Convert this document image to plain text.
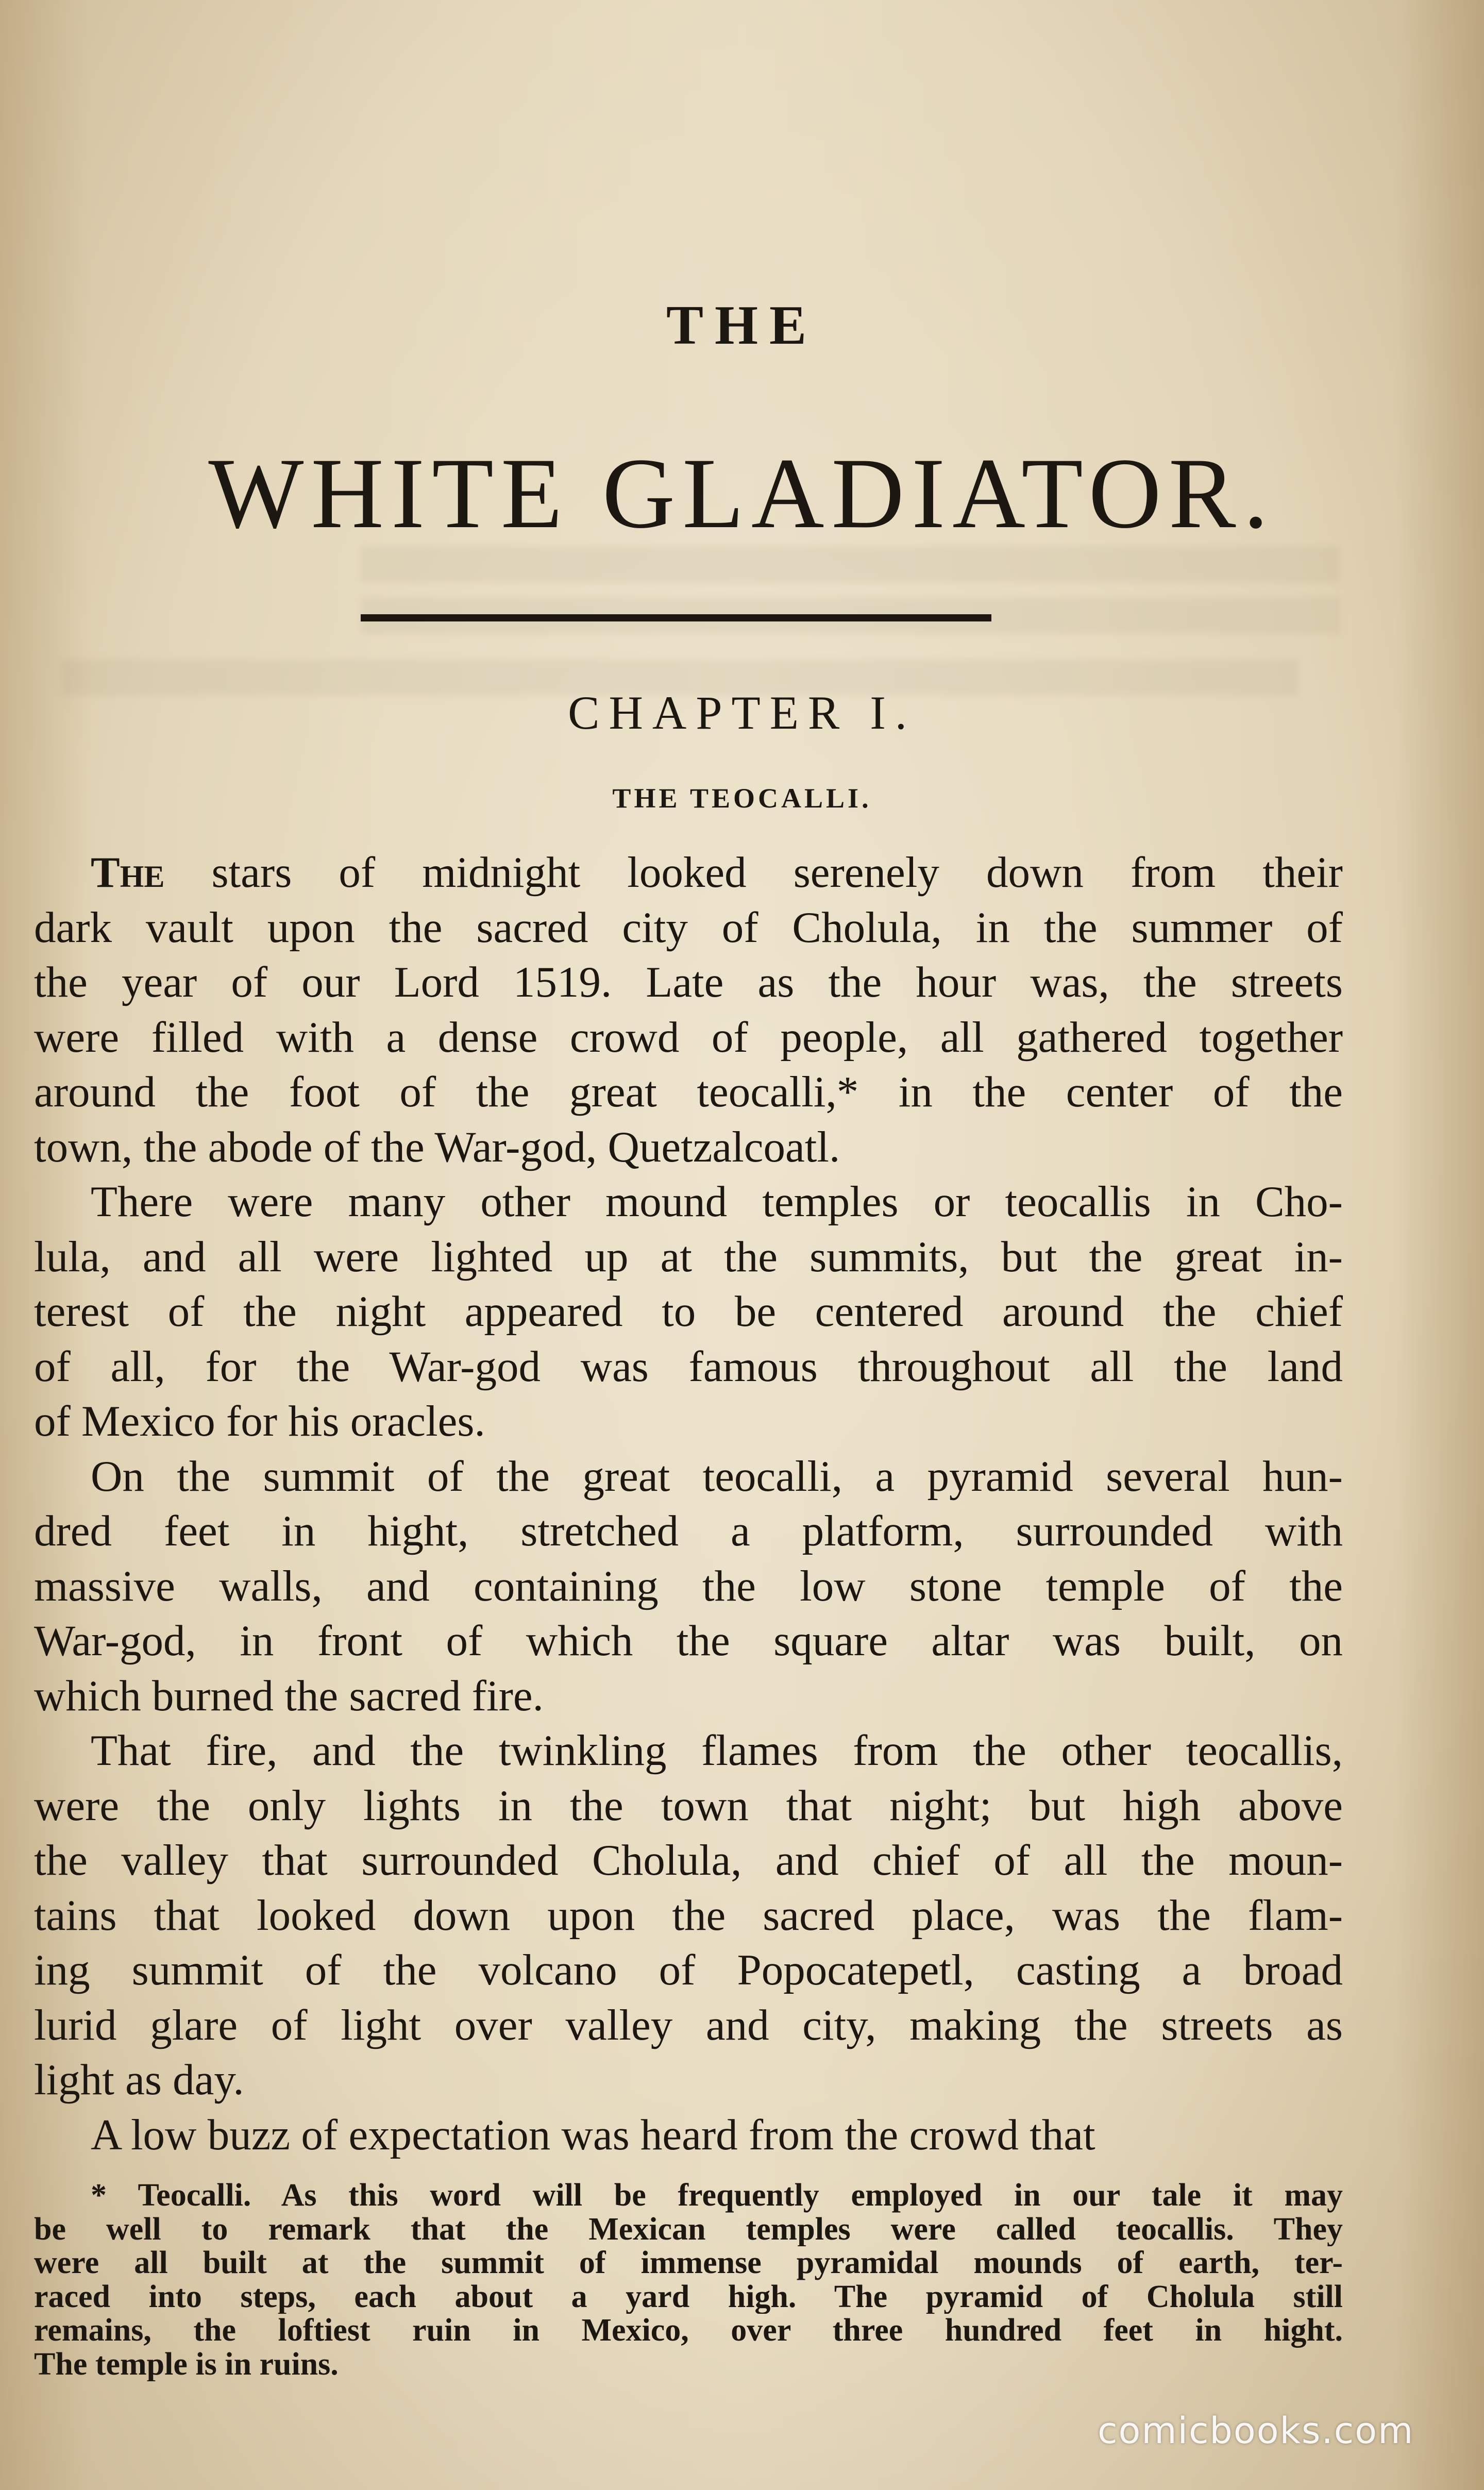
THE
WHITE GLADIATOR.
CHAPTER I.
THE TEOCALLI.

The stars of midnight looked serenely down from their

dark vault upon the sacred city of Cholula, in the summer of

the year of our Lord 1519. Late as the hour was, the streets

were filled with a dense crowd of people, all gathered together

around the foot of the great teocalli,* in the center of the

town, the abode of the War-god, Quetzalcoatl.

There were many other mound temples or teocallis in Cho-

lula, and all were lighted up at the summits, but the great in-

terest of the night appeared to be centered around the chief

of all, for the War-god was famous throughout all the land

of Mexico for his oracles.

On the summit of the great teocalli, a pyramid several hun-

dred feet in hight, stretched a platform, surrounded with

massive walls, and containing the low stone temple of the

War-god, in front of which the square altar was built, on

which burned the sacred fire.

That fire, and the twinkling flames from the other teocallis,

were the only lights in the town that night; but high above

the valley that surrounded Cholula, and chief of all the moun-

tains that looked down upon the sacred place, was the flam-

ing summit of the volcano of Popocatepetl, casting a broad

lurid glare of light over valley and city, making the streets as

light as day.

A low buzz of expectation was heard from the crowd that

* Teocalli. As this word will be frequently employed in our tale it may

be well to remark that the Mexican temples were called teocallis. They

were all built at the summit of immense pyramidal mounds of earth, ter-

raced into steps, each about a yard high. The pyramid of Cholula still

remains, the loftiest ruin in Mexico, over three hundred feet in hight.

The temple is in ruins.

comicbooks.com
